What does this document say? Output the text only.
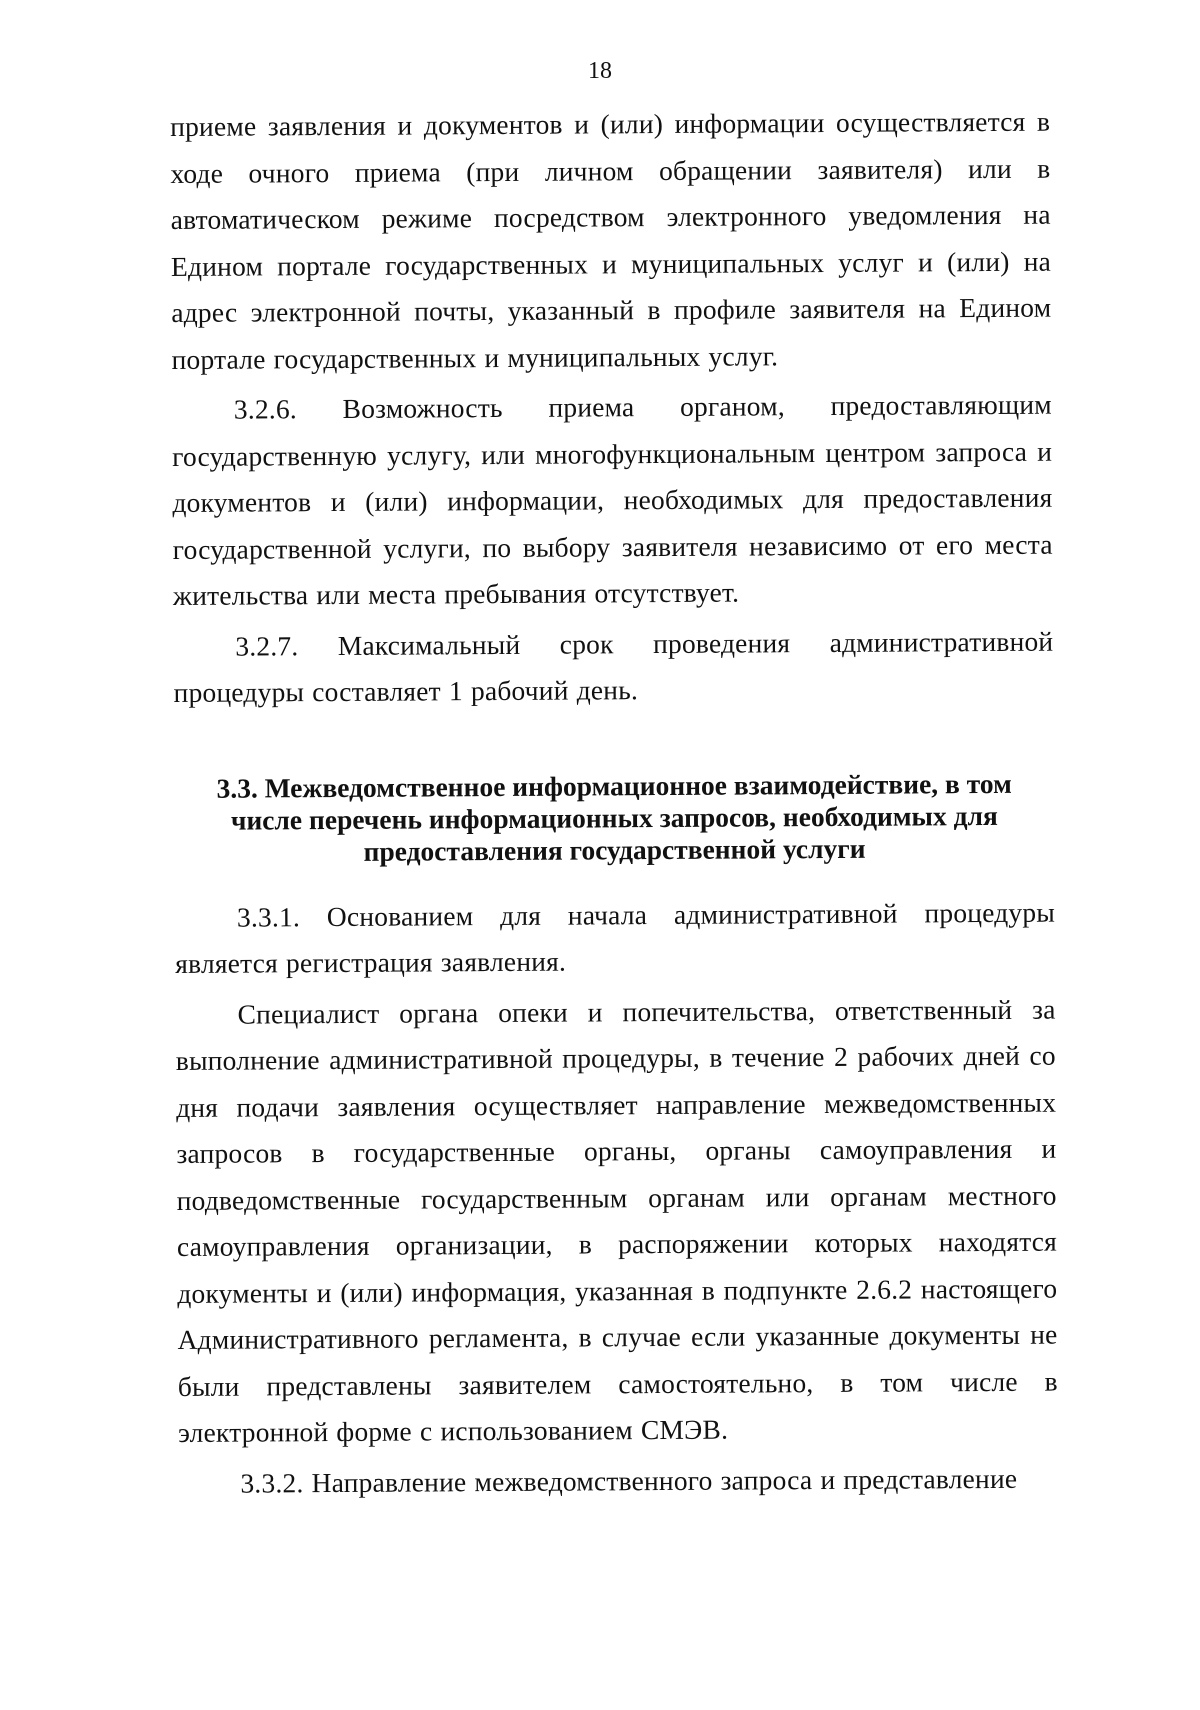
18

приеме заявления и документов и (или) информации осуществляется в ходе очного приема (при личном обращении заявителя) или в автоматическом режиме посредством электронного уведомления на Едином портале государственных и муниципальных услуг и (или) на адрес электронной почты, указанный в профиле заявителя на Едином портале государственных и муниципальных услуг.

3.2.6. Возможность приема органом, предоставляющим государственную услугу, или многофункциональным центром запроса и документов и (или) информации, необходимых для предоставления государственной услуги, по выбору заявителя независимо от его места жительства или места пребывания отсутствует.

3.2.7. Максимальный срок проведения административной процедуры составляет 1 рабочий день.

3.3. Межведомственное информационное взаимодействие, в том числе перечень информационных запросов, необходимых для предоставления государственной услуги

3.3.1. Основанием для начала административной процедуры является регистрация заявления.

Специалист органа опеки и попечительства, ответственный за выполнение административной процедуры, в течение 2 рабочих дней со дня подачи заявления осуществляет направление межведомственных запросов в государственные органы, органы самоуправления и подведомственные государственным органам или органам местного самоуправления организации, в распоряжении которых находятся документы и (или) информация, указанная в подпункте 2.6.2 настоящего Административного регламента, в случае если указанные документы не были представлены заявителем самостоятельно, в том числе в электронной форме с использованием СМЭВ.

3.3.2. Направление межведомственного запроса и представление
